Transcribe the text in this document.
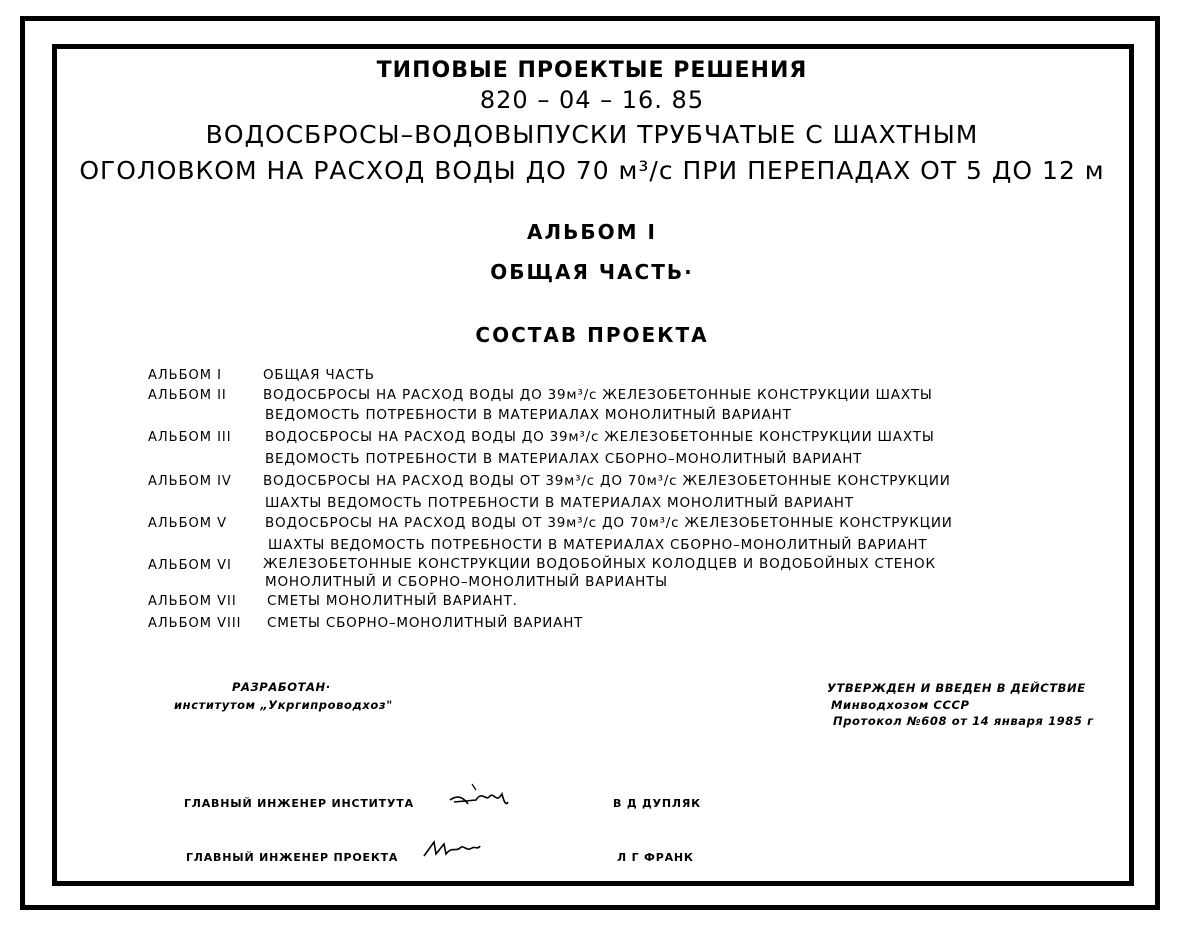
ТИПОВЫЕ ПРОЕКТЫЕ РЕШЕНИЯ
820 – 04 – 16. 85
ВОДОСБРОСЫ–ВОДОВЫПУСКИ ТРУБЧАТЫЕ С ШАХТНЫМ
ОГОЛОВКОМ НА РАСХОД ВОДЫ ДО 70 м³/с ПРИ ПЕРЕПАДАХ ОТ 5 ДО 12 м
АЛЬБОМ I
ОБЩАЯ ЧАСТЬ·
СОСТАВ ПРОЕКТА
АЛЬБОМ I	ОБЩАЯ ЧАСТЬ
АЛЬБОМ II	ВОДОСБРОСЫ НА РАСХОД ВОДЫ ДО 39м³/с ЖЕЛЕЗОБЕТОННЫЕ КОНСТРУКЦИИ ШАХТЫ
ВЕДОМОСТЬ ПОТРЕБНОСТИ В МАТЕРИАЛАХ МОНОЛИТНЫЙ ВАРИАНТ
АЛЬБОМ III ВОДОСБРОСЫ НА РАСХОД ВОДЫ ДО 39м³/с ЖЕЛЕЗОБЕТОННЫЕ КОНСТРУКЦИИ ШАХТЫ
ВЕДОМОСТЬ ПОТРЕБНОСТИ В МАТЕРИАЛАХ СБОРНО–МОНОЛИТНЫЙ ВАРИАНТ
АЛЬБОМ IV ВОДОСБРОСЫ НА РАСХОД ВОДЫ ОТ 39м³/с ДО 70м³/с ЖЕЛЕЗОБЕТОННЫЕ КОНСТРУКЦИИ
ШАХТЫ ВЕДОМОСТЬ ПОТРЕБНОСТИ В МАТЕРИАЛАХ МОНОЛИТНЫЙ ВАРИАНТ
АЛЬБОМ V	ВОДОСБРОСЫ НА РАСХОД ВОДЫ ОТ 39м³/с ДО 70м³/с ЖЕЛЕЗОБЕТОННЫЕ КОНСТРУКЦИИ
ШАХТЫ ВЕДОМОСТЬ ПОТРЕБНОСТИ В МАТЕРИАЛАХ СБОРНО–МОНОЛИТНЫЙ ВАРИАНТ
АЛЬБОМ VI ЖЕЛЕЗОБЕТОННЫЕ КОНСТРУКЦИИ ВОДОБОЙНЫХ КОЛОДЦЕВ И ВОДОБОЙНЫХ СТЕНОК
МОНОЛИТНЫЙ И СБОРНО–МОНОЛИТНЫЙ ВАРИАНТЫ
АЛЬБОМ VII СМЕТЫ МОНОЛИТНЫЙ ВАРИАНТ.
АЛЬБОМ VIII СМЕТЫ СБОРНО–МОНОЛИТНЫЙ ВАРИАНТ
РАЗРАБОТАН·
институтом „Укргипроводхоз"
УТВЕРЖДЕН И ВВЕДЕН В ДЕЙСТВИЕ
Минводхозом СССР
Протокол №608 от 14 января 1985 г
ГЛАВНЫЙ ИНЖЕНЕР ИНСТИТУТА	В Д ДУПЛЯК
ГЛАВНЫЙ ИНЖЕНЕР ПРОЕКТА	Л Г ФРАНК
